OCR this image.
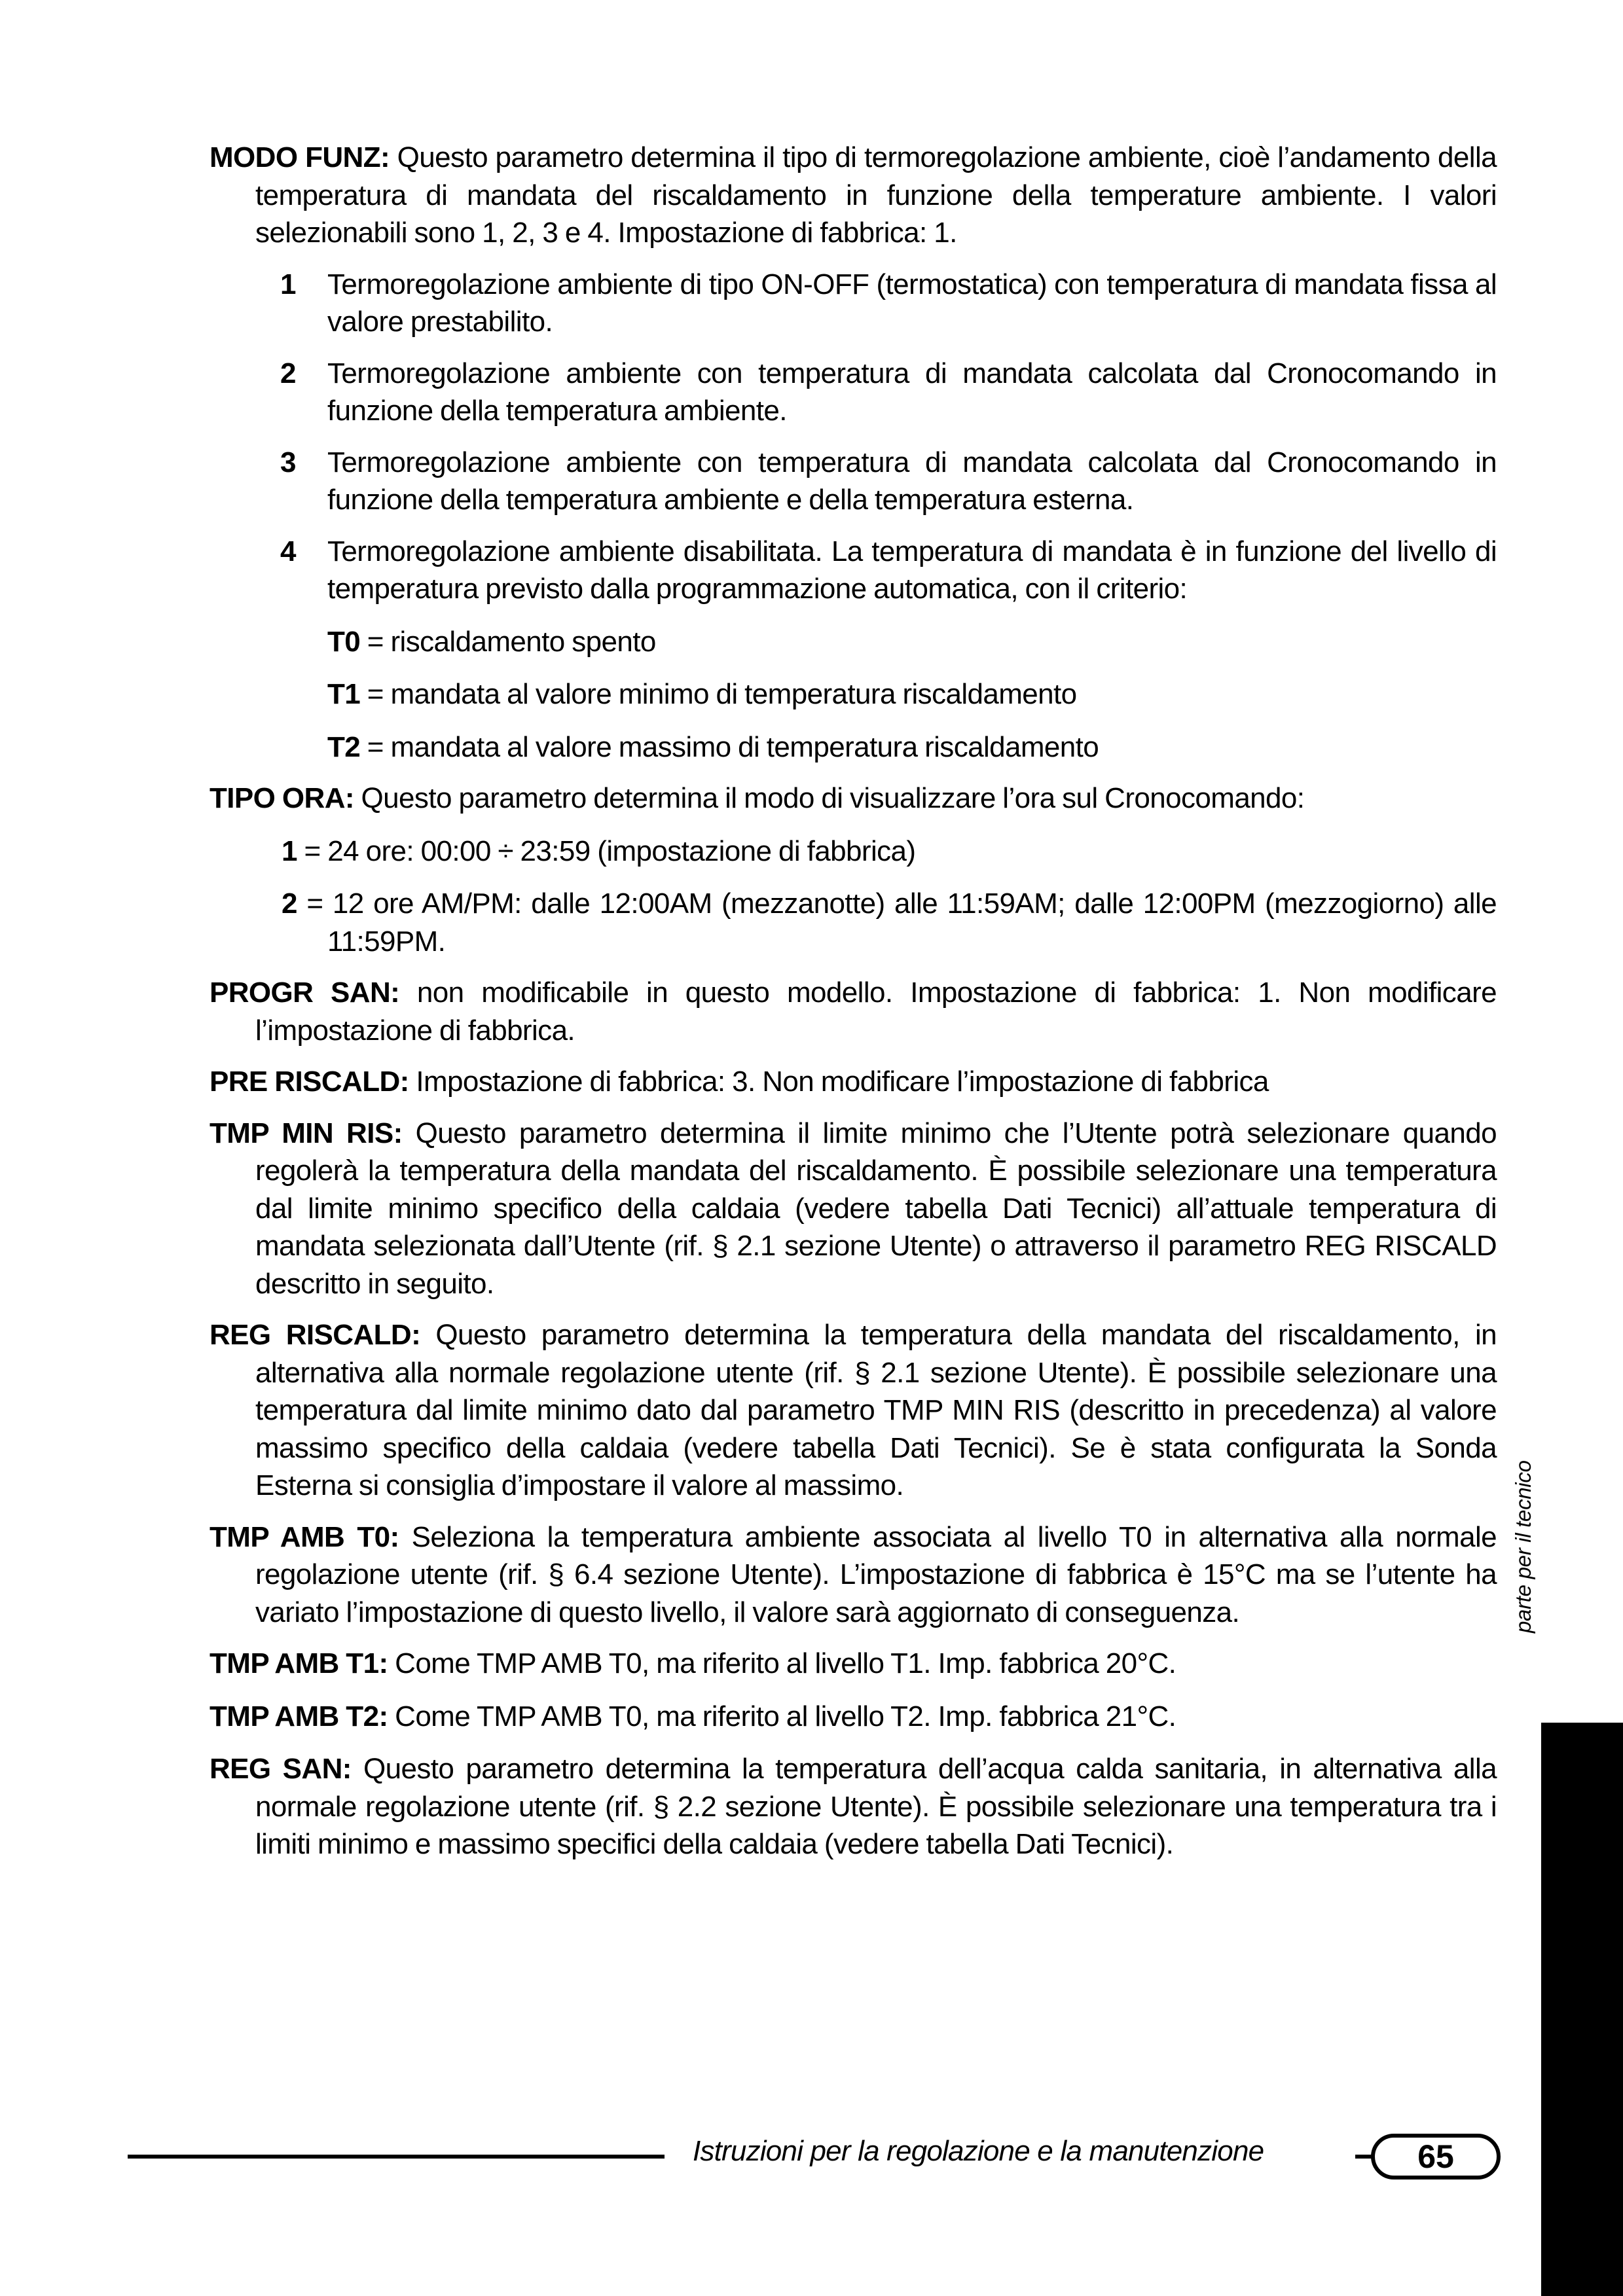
MODO FUNZ: Questo parametro determina il tipo di termoregolazione ambiente, cioè l’andamento della temperatura di mandata del riscaldamento in funzione della temperature ambiente. I valori selezionabili sono 1, 2, 3 e 4. Impostazione di fabbrica: 1.

1 Termoregolazione ambiente di tipo ON-OFF (termostatica) con temperatura di mandata fissa al valore prestabilito.
2 Termoregolazione ambiente con temperatura di mandata calcolata dal Cronocomando in funzione della temperatura ambiente.
3 Termoregolazione ambiente con temperatura di mandata calcolata dal Cronocomando in funzione della temperatura ambiente e della temperatura esterna.
4 Termoregolazione ambiente disabilitata. La temperatura di mandata è in funzione del livello di temperatura previsto dalla programmazione automatica, con il criterio:
T0 = riscaldamento spento
T1 = mandata al valore minimo di temperatura riscaldamento
T2 = mandata al valore massimo di temperatura riscaldamento

TIPO ORA: Questo parametro determina il modo di visualizzare l’ora sul Cronocomando:

1 = 24 ore: 00:00 ÷ 23:59 (impostazione di fabbrica)
2 = 12 ore AM/PM: dalle 12:00AM (mezzanotte) alle 11:59AM; dalle 12:00PM (mezzogiorno) alle 11:59PM.

PROGR SAN: non modificabile in questo modello. Impostazione di fabbrica: 1. Non modificare l’impostazione di fabbrica.

PRE RISCALD: Impostazione di fabbrica: 3. Non modificare l’impostazione di fabbrica

TMP MIN RIS: Questo parametro determina il limite minimo che l’Utente potrà selezionare quando regolerà la temperatura della mandata del riscaldamento. È possibile selezionare una temperatura dal limite minimo specifico della caldaia (vedere tabella Dati Tecnici) all’attuale temperatura di mandata selezionata dall’Utente (rif. § 2.1 sezione Utente) o attraverso il parametro REG RISCALD descritto in seguito.

REG RISCALD: Questo parametro determina la temperatura della mandata del riscaldamento, in alternativa alla normale regolazione utente (rif. § 2.1 sezione Utente). È possibile selezionare una temperatura dal limite minimo dato dal parametro TMP MIN RIS (descritto in precedenza) al valore massimo specifico della caldaia (vedere tabella Dati Tecnici). Se è stata configurata la Sonda Esterna si consiglia d’impostare il valore al massimo.

TMP AMB T0: Seleziona la temperatura ambiente associata al livello T0 in alternativa alla normale regolazione utente (rif. § 6.4 sezione Utente). L’impostazione di fabbrica è 15°C ma se l’utente ha variato l’impostazione di questo livello, il valore sarà aggiornato di conseguenza.

TMP AMB T1: Come TMP AMB T0, ma riferito al livello T1. Imp. fabbrica 20°C.

TMP AMB T2: Come TMP AMB T0, ma riferito al livello T2. Imp. fabbrica 21°C.

REG SAN: Questo parametro determina la temperatura dell’acqua calda sanitaria, in alternativa alla normale regolazione utente (rif. § 2.2 sezione Utente). È possibile selezionare una temperatura tra i limiti minimo e massimo specifici della caldaia (vedere tabella Dati Tecnici).

parte per il tecnico
Istruzioni per la regolazione e la manutenzione	65
